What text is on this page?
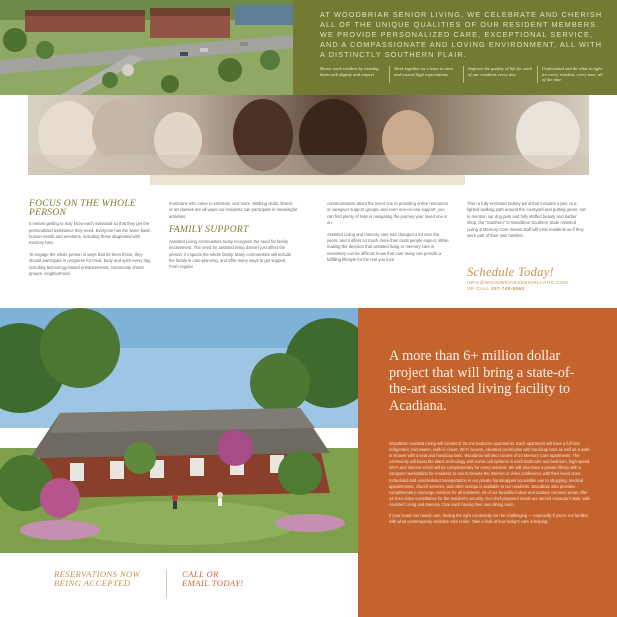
AT WOODBRIAR SENIOR LIVING, WE CELEBRATE AND CHERISH ALL OF THE UNIQUE QUALITIES OF OUR RESIDENT MEMBERS. WE PROVIDE PERSONALIZED CARE, EXCEPTIONAL SERVICE, AND A COMPASSIONATE AND LOVING ENVIRONMENT, ALL WITH A DISTINCTLY SOUTHERN FLAIR.
Honor each resident by treating them with dignity and respect
Work together as a team to meet and exceed high expectations
Improve the quality of life for each of our residents every day
Understand and do what is right for every resident, every time, all of the time
FOCUS ON THE WHOLE PERSON

It means getting to truly know each individual so that they get the personalized assistance they need. Everyone has the same basic human needs and emotions, including those diagnosed with memory loss.

To engage the whole person in ways that let them thrive, they should participate in programs for mind, body and spirit every day, including technology-based enhancements, community choral groups, neighborhood

musicians who come to entertain, and more. Walking clubs, fitness or art classes are all ways our residents can participate in meaningful activities.

FAMILY SUPPORT

Assisted Living communities today recognize the need for family involvement. The need for assisted living doesn't just affect the person, it impacts the whole family. Many communities will include the family in care planning, and offer many ways to get support. From regular

communication about the loved one to providing online resources or caregiver support groups, and even one-on-one support, you can find plenty of help in navigating the journey your loved one is on.

Assisted Living and memory care has changed a lot over the years, and it offers so much more than most people expect. While making the decision that assisted living or memory care is necessary can be difficult, know that care today can provide a fulfilling lifestyle for the rest you love.

Then a fully enclosed Sidney pond that includes a pier, to a lighted walking path around the courtyard and putting green, not to mention our dog park and fully staffed beauty and barber shop, the "Southern" in Woodbriar Southern State Assisted Living & Memory Care means staff will treat residents as if they were part of their own families.

Schedule Today!
INFO@WOODBRIARSENIORLIVING.COM
OR CALL 337-740-9063
RESERVATIONS NOW
BEING ACCEPTED
CALL OR
EMAIL TODAY!
A more than 6+ million dollar project that will bring a state-of-the-art assisted living facility to Acadiana.

Woodbriar Assisted Living will consist of 35 one bedroom apartments. Each apartment will have a full size refrigerator, microwave, walk-in closet, Wi-Fi access, elevated commodes with handicap bars as well as a walk-in shower with a seat and handicap bars. Woodbriar will also consist of 10 Memory Care apartments. The community will boast the latest technology with nurse call systems in each bathroom and bedroom, high-speed Wi-Fi and Internet which will be complimentary for every resident. We will also have a private library with a computer workstation for residents to use to browse the Internet or video conference with their loved ones. Scheduled and unscheduled transportation in our private handicapped accessible van to shopping, medical appointments, church services, and other outings is available to our residents. Woodbriar also provides complimentary concierge services for all residents. All of our beautiful indoor and outdoor common areas offer 24-hour video surveillance for the resident's security. Our chef-prepared meals are served restaurant style, with Assisted Living and Memory Care each having their own dining room.

If your loved one needs care, finding the right community can be challenging — especially if you're not familiar with what contemporary assistive care is like. Take a look at how today's care is helping.
